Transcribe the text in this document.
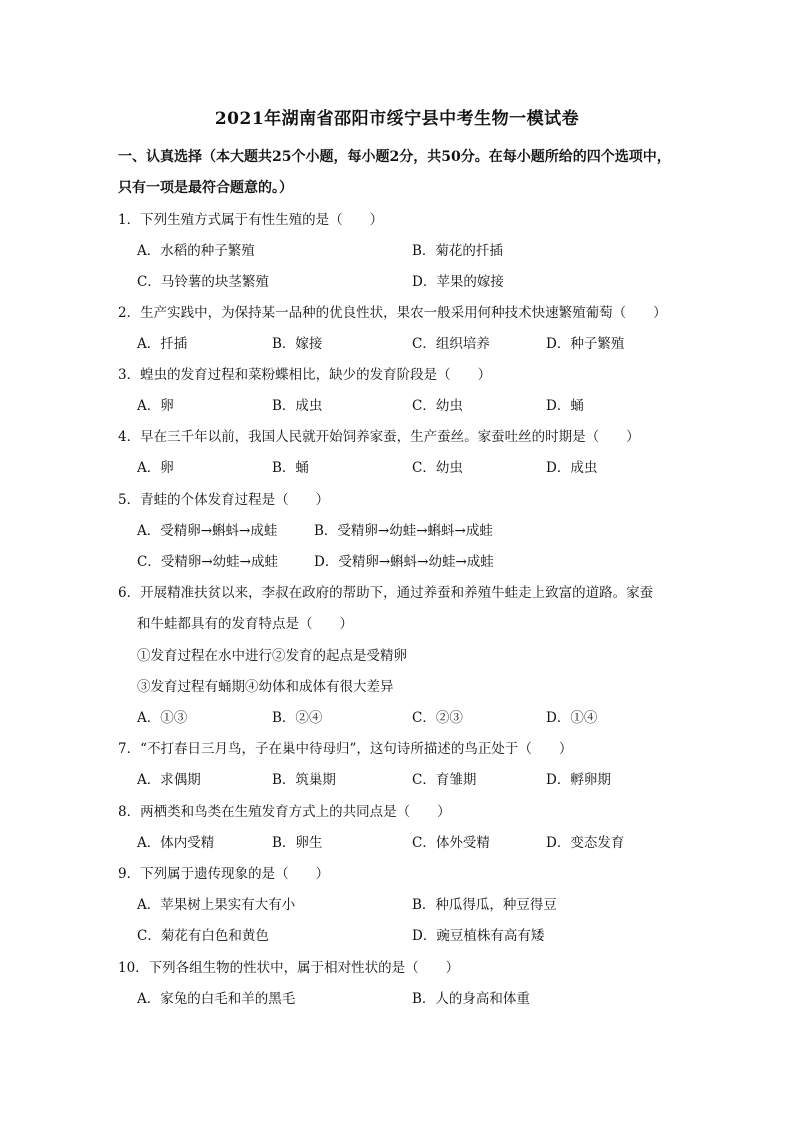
2021年湖南省邵阳市绥宁县中考生物一模试卷
一、认真选择（本大题共25个小题，每小题2分，共50分。在每小题所给的四个选项中，
只有一项是最符合题意的。）
1．下列生殖方式属于有性生殖的是（　　）
A．水稻的种子繁殖	B．菊花的扦插
C．马铃薯的块茎繁殖	D．苹果的嫁接
2．生产实践中，为保持某一品种的优良性状，果农一般采用何种技术快速繁殖葡萄（　　）
A．扦插	B．嫁接	C．组织培养	D．种子繁殖
3．蝗虫的发育过程和菜粉蝶相比，缺少的发育阶段是（　　）
A．卵	B．成虫	C．幼虫	D．蛹
4．早在三千年以前，我国人民就开始饲养家蚕，生产蚕丝。家蚕吐丝的时期是（　　）
A．卵	B．蛹	C．幼虫	D．成虫
5．青蛙的个体发育过程是（　　）
A．受精卵→蝌蚪→成蛙	B．受精卵→幼蛙→蝌蚪→成蛙
C．受精卵→幼蛙→成蛙	D．受精卵→蝌蚪→幼蛙→成蛙
6．开展精准扶贫以来，李叔在政府的帮助下，通过养蚕和养殖牛蛙走上致富的道路。家蚕
和牛蛙都具有的发育特点是（　　）
①发育过程在水中进行②发育的起点是受精卵
③发育过程有蛹期④幼体和成体有很大差异
A．①③	B．②④	C．②③	D．①④
7．“不打春日三月鸟，子在巢中待母归”，这句诗所描述的鸟正处于（　　）
A．求偶期	B．筑巢期	C．育雏期	D．孵卵期
8．两栖类和鸟类在生殖发育方式上的共同点是（　　）
A．体内受精	B．卵生	C．体外受精	D．变态发育
9．下列属于遗传现象的是（　　）
A．苹果树上果实有大有小	B．种瓜得瓜，种豆得豆
C．菊花有白色和黄色	D．豌豆植株有高有矮
10．下列各组生物的性状中，属于相对性状的是（　　）
A．家兔的白毛和羊的黑毛	B．人的身高和体重
